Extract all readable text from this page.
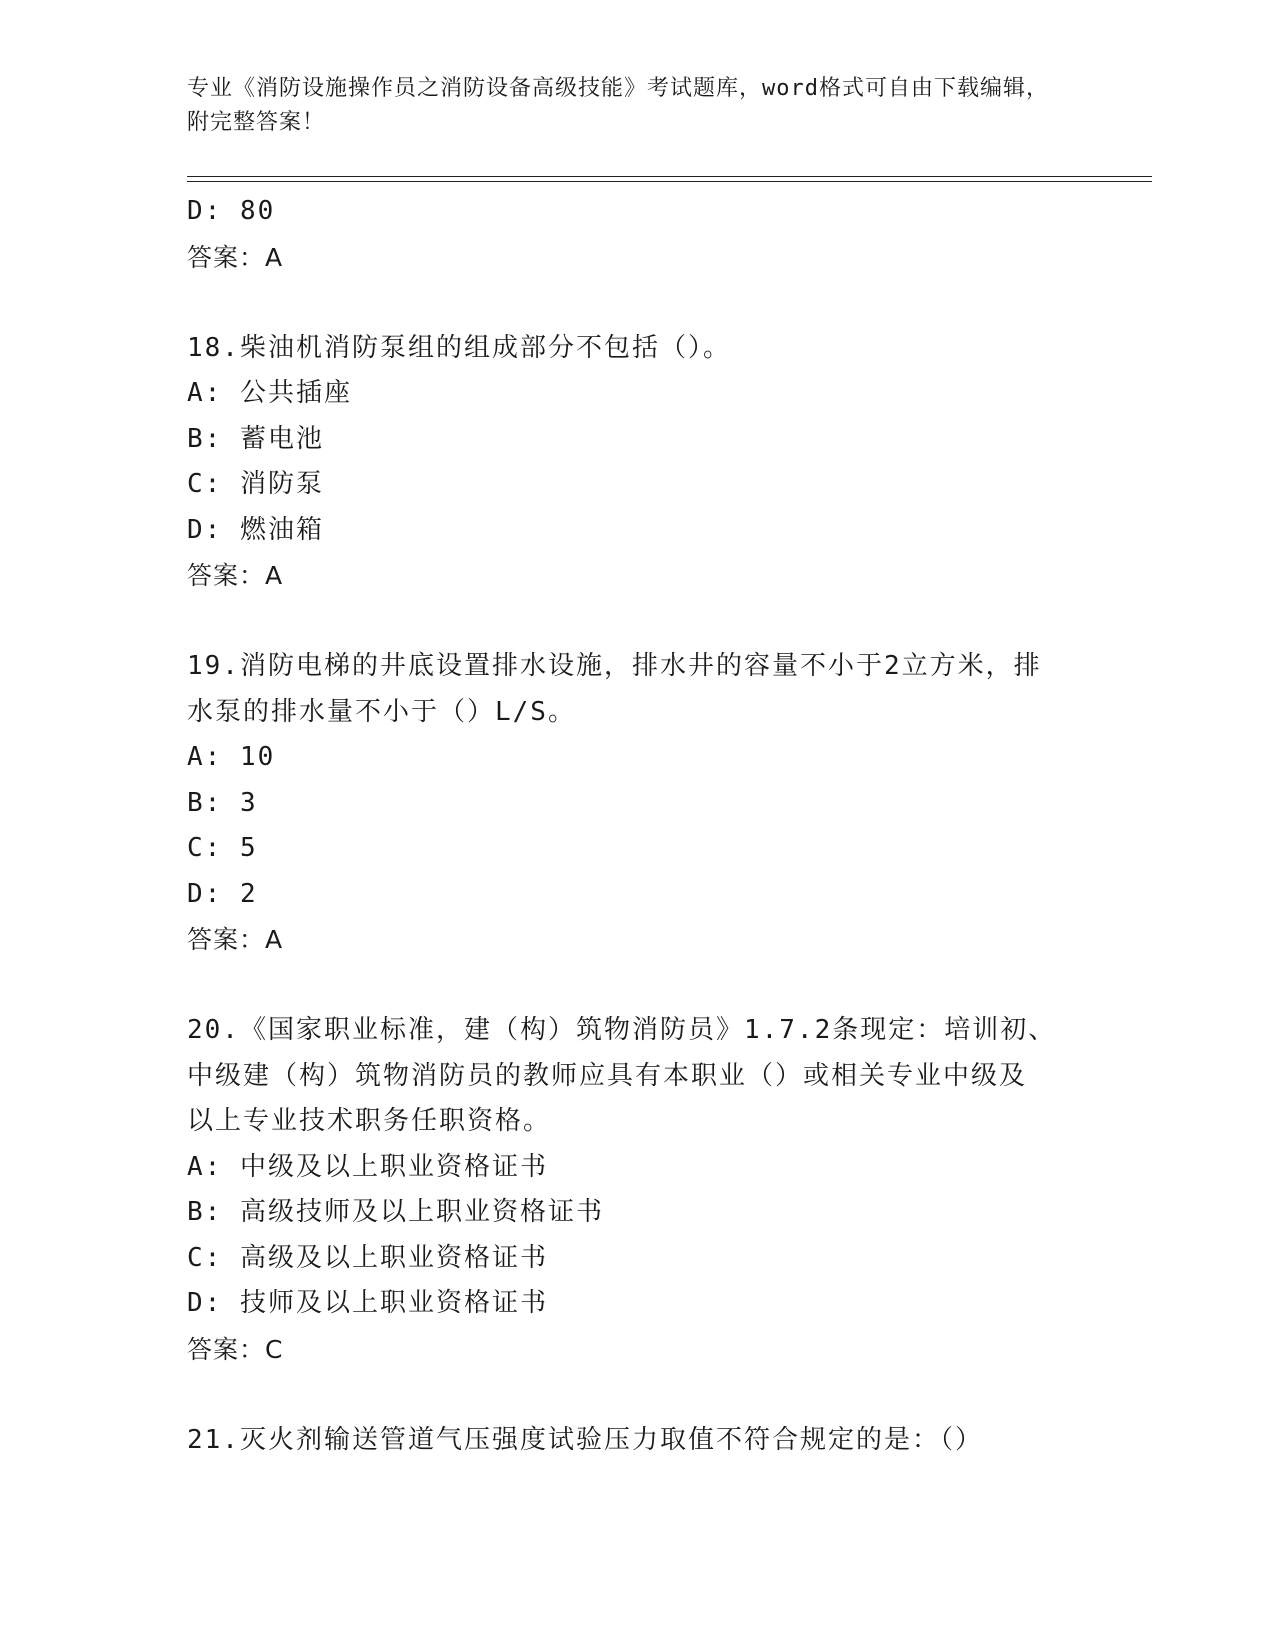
专业《消防设施操作员之消防设备高级技能》考试题库，word格式可自由下载编辑，附完整答案！
D: 80
答案：A
18.柴油机消防泵组的组成部分不包括（）。
A: 公共插座
B: 蓄电池
C: 消防泵
D: 燃油箱
答案：A
19.消防电梯的井底设置排水设施，排水井的容量不小于2立方米，排
水泵的排水量不小于（）L/S。
A: 10
B: 3
C: 5
D: 2
答案：A
20.《国家职业标准，建（构）筑物消防员》1.7.2条现定：培训初、
中级建（构）筑物消防员的教师应具有本职业（）或相关专业中级及
以上专业技术职务任职资格。
A: 中级及以上职业资格证书
B: 高级技师及以上职业资格证书
C: 高级及以上职业资格证书
D: 技师及以上职业资格证书
答案：C
21.灭火剂输送管道气压强度试验压力取值不符合规定的是：（）
